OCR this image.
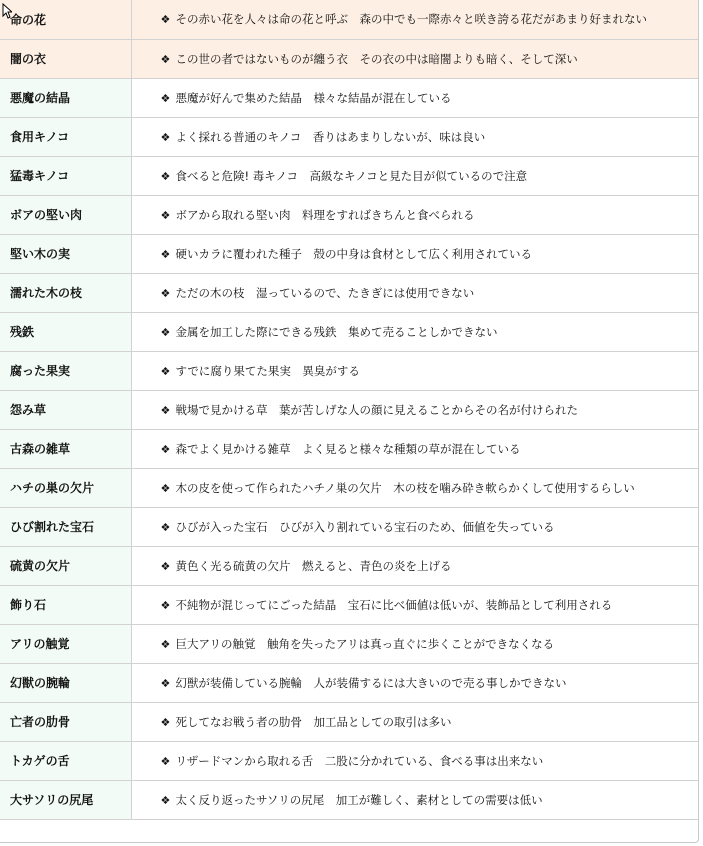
命の花	❖ その赤い花を人々は命の花と呼ぶ　森の中でも一際赤々と咲き誇る花だがあまり好まれない
闇の衣	❖ この世の者ではないものが纏う衣　その衣の中は暗闇よりも暗く、そして深い
悪魔の結晶	❖ 悪魔が好んで集めた結晶　様々な結晶が混在している
食用キノコ	❖ よく採れる普通のキノコ　香りはあまりしないが、味は良い
猛毒キノコ	❖ 食べると危険! 毒キノコ　高級なキノコと見た目が似ているので注意
ボアの堅い肉	❖ ボアから取れる堅い肉　料理をすればきちんと食べられる
堅い木の実	❖ 硬いカラに覆われた種子　殻の中身は食材として広く利用されている
濡れた木の枝	❖ ただの木の枝　湿っているので、たきぎには使用できない
残鉄	❖ 金属を加工した際にできる残鉄　集めて売ることしかできない
腐った果実	❖ すでに腐り果てた果実　異臭がする
怨み草	❖ 戦場で見かける草　葉が苦しげな人の顔に見えることからその名が付けられた
古森の雑草	❖ 森でよく見かける雑草　よく見ると様々な種類の草が混在している
ハチの巣の欠片	❖ 木の皮を使って作られたハチノ巣の欠片　木の枝を噛み砕き軟らかくして使用するらしい
ひび割れた宝石	❖ ひびが入った宝石　ひびが入り割れている宝石のため、価値を失っている
硫黄の欠片	❖ 黄色く光る硫黄の欠片　燃えると、青色の炎を上げる
飾り石	❖ 不純物が混じってにごった結晶　宝石に比べ価値は低いが、装飾品として利用される
アリの触覚	❖ 巨大アリの触覚　触角を失ったアリは真っ直ぐに歩くことができなくなる
幻獣の腕輪	❖ 幻獣が装備している腕輪　人が装備するには大きいので売る事しかできない
亡者の肋骨	❖ 死してなお戦う者の肋骨　加工品としての取引は多い
トカゲの舌	❖ リザードマンから取れる舌　二股に分かれている、食べる事は出来ない
大サソリの尻尾	❖ 太く反り返ったサソリの尻尾　加工が難しく、素材としての需要は低い
